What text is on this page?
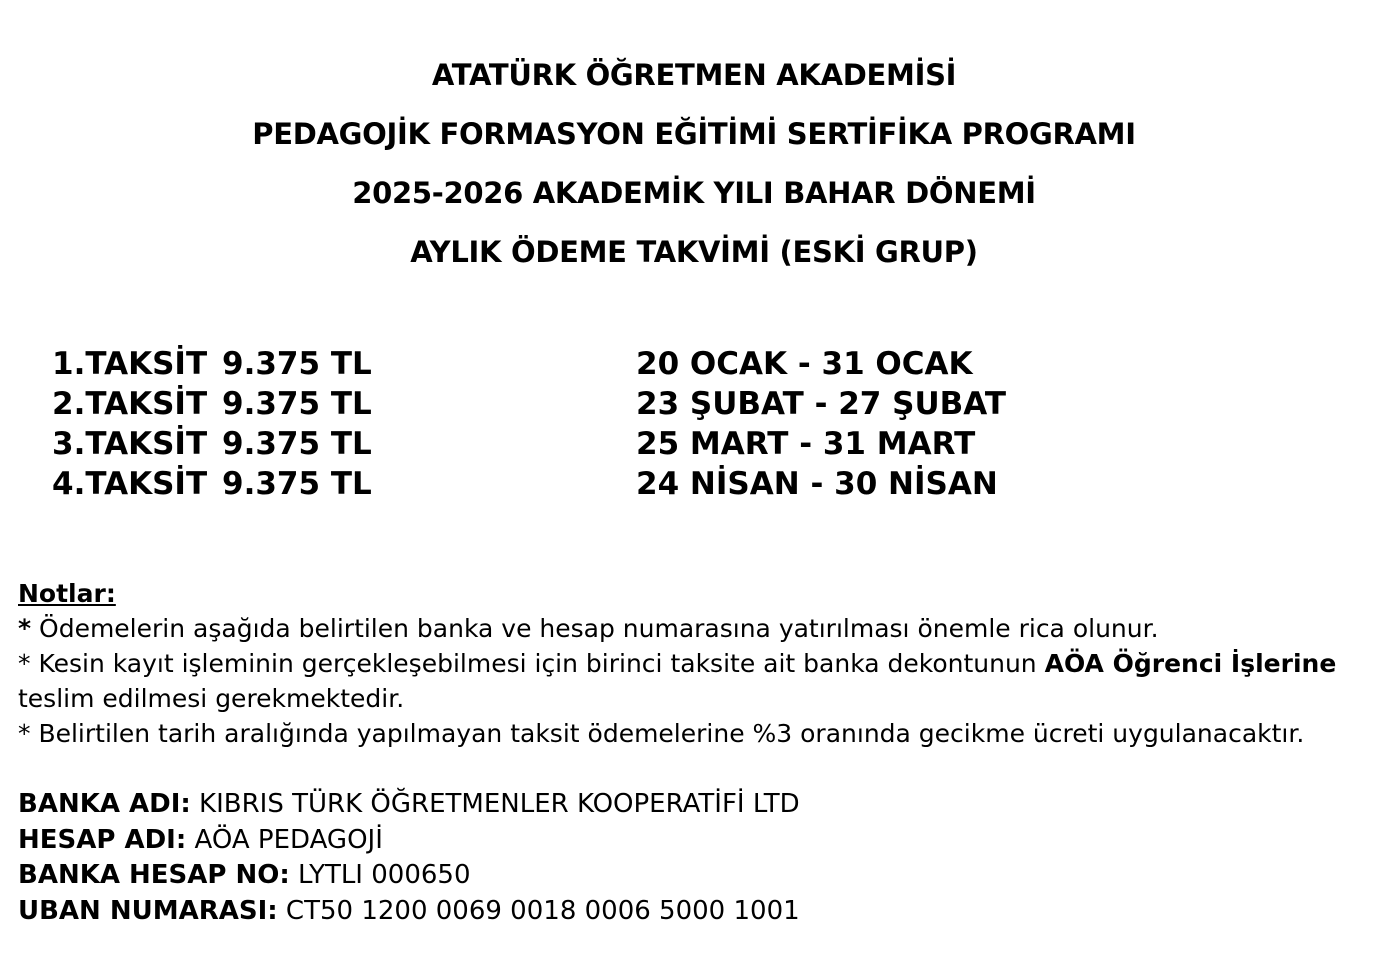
ATATÜRK ÖĞRETMEN AKADEMİSİ
PEDAGOJİK FORMASYON EĞİTİMİ SERTİFİKA PROGRAMI
2025-2026 AKADEMİK YILI BAHAR DÖNEMİ
AYLIK ÖDEME TAKVİMİ (ESKİ GRUP)
1.TAKSİT 9.375 TL	20 OCAK - 31 OCAK
2.TAKSİT 9.375 TL	23 ŞUBAT - 27 ŞUBAT
3.TAKSİT 9.375 TL	25 MART - 31 MART
4.TAKSİT 9.375 TL	24 NİSAN - 30 NİSAN

Notlar:

* Ödemelerin aşağıda belirtilen banka ve hesap numarasına yatırılması önemle rica olunur.

* Kesin kayıt işleminin gerçekleşebilmesi için birinci taksite ait banka dekontunun AÖA Öğrenci İşlerine teslim edilmesi gerekmektedir.

* Belirtilen tarih aralığında yapılmayan taksit ödemelerine %3 oranında gecikme ücreti uygulanacaktır.

BANKA ADI: KIBRIS TÜRK ÖĞRETMENLER KOOPERATİFİ LTD

HESAP ADI: AÖA PEDAGOJİ

BANKA HESAP NO: LYTLI 000650

UBAN NUMARASI: CT50 1200 0069 0018 0006 5000 1001
